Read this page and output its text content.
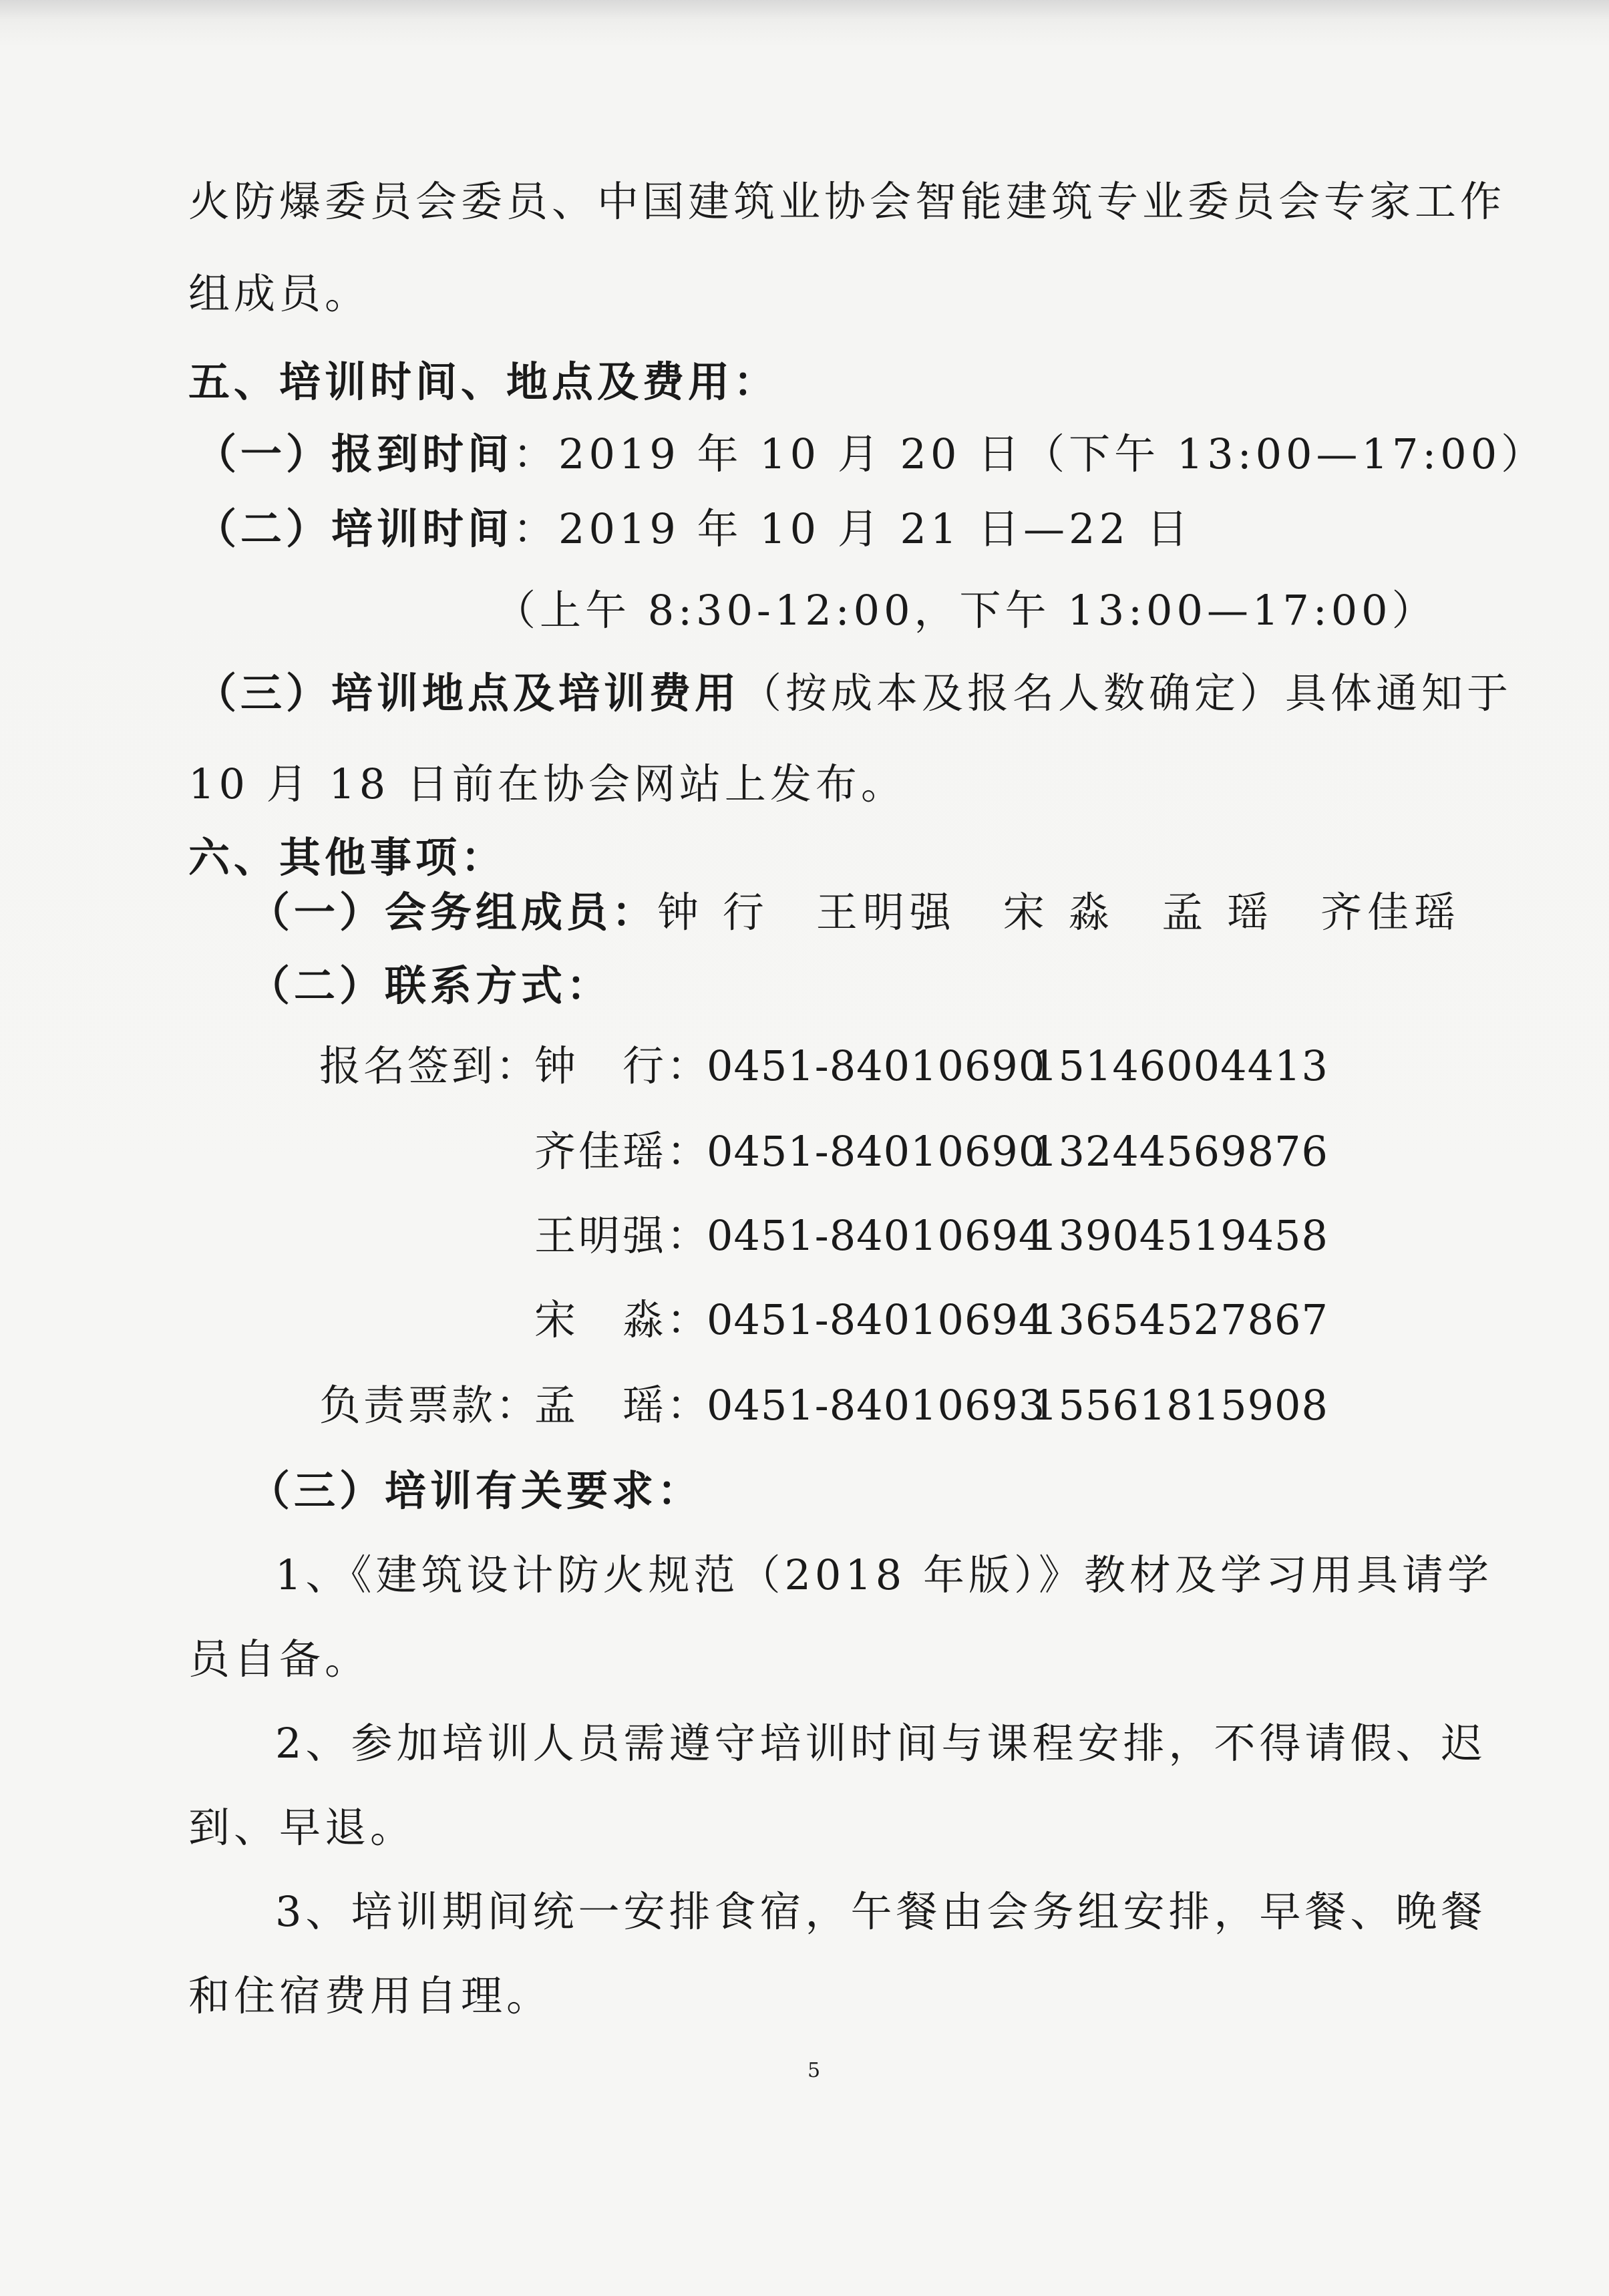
火防爆委员会委员、中国建筑业协会智能建筑专业委员会专家工作
组成员。
五、培训时间、地点及费用：
（一）报到时间：2019 年 10 月 20 日（下午 13:00—17:00）
（二）培训时间：2019 年 10 月 21 日—22 日
（上午 8:30-12:00，下午 13:00—17:00）
（三）培训地点及培训费用（按成本及报名人数确定）具体通知于
10 月 18 日前在协会网站上发布。
六、其他事项：
（一）会务组成员：钟 行　王明强　宋 淼　孟 瑶　齐佳瑶
（二）联系方式：
报名签到：
钟　行：
0451-84010690
15146004413
齐佳瑶：
0451-84010690
13244569876
王明强：
0451-84010694
13904519458
宋　淼：
0451-84010694
13654527867
负责票款：
孟　瑶：
0451-84010693
15561815908
（三）培训有关要求：
1、《建筑设计防火规范（2018 年版）》教材及学习用具请学
员自备。
2、参加培训人员需遵守培训时间与课程安排，不得请假、迟
到、早退。
3、培训期间统一安排食宿，午餐由会务组安排，早餐、晚餐
和住宿费用自理。
5
